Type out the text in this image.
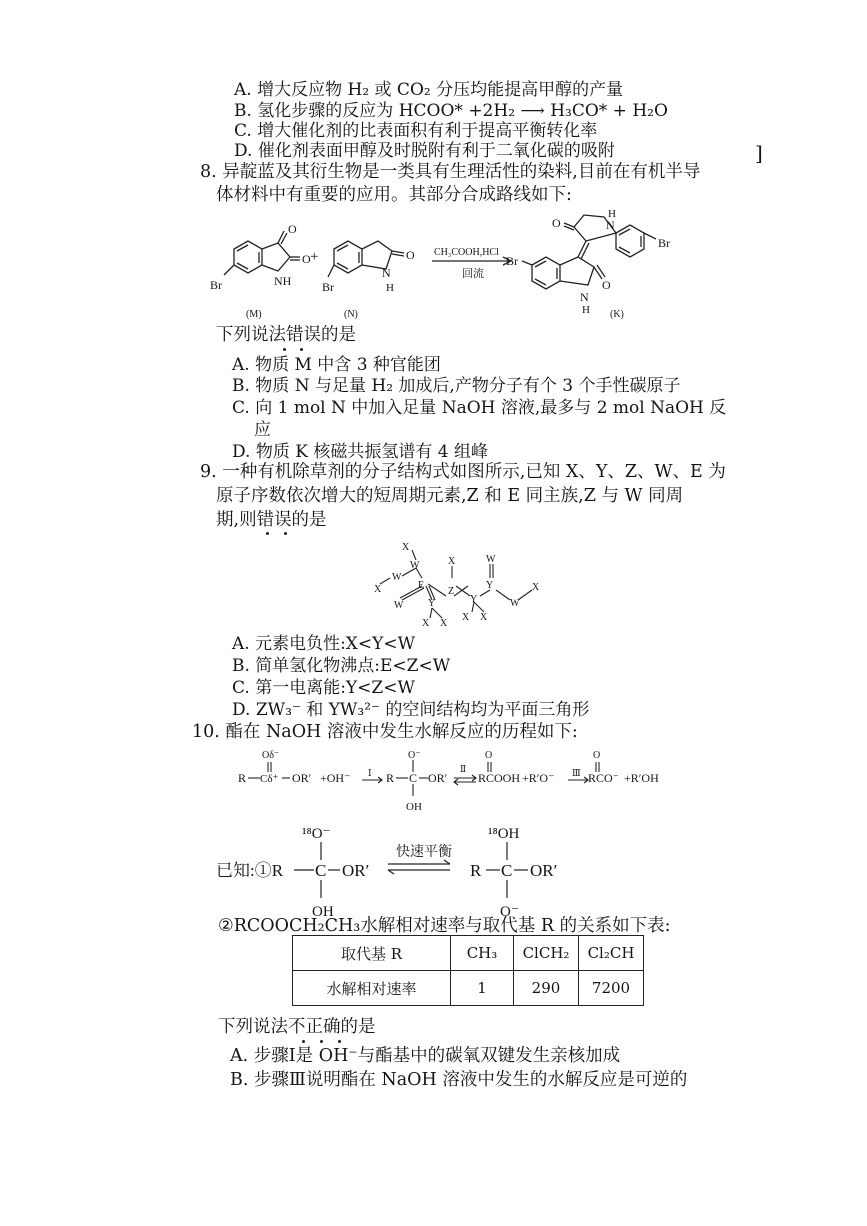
A. 增大反应物 H₂ 或 CO₂ 分压均能提高甲醇的产量
B. 氢化步骤的反应为 HCOO* +2H₂ ⟶ H₃CO* + H₂O
C. 增大催化剂的比表面积有利于提高平衡转化率
D. 催化剂表面甲醇及时脱附有利于二氧化碳的吸附	]
8. 异靛蓝及其衍生物是一类具有生理活性的染料,目前在有机半导
体材料中有重要的应用。其部分合成路线如下:
O
O
NH
Br
+	O
N
H
Br
CH₃COOH,HCl
回流
Br
O
N
H
O
H
N
Br
(M)	(N)	(K)
下列说法错误的是
A. 物质 M 中含 3 种官能团
B. 物质 N 与足量 H₂ 加成后,产物分子有个 3 个手性碳原子
C. 向 1 mol N 中加入足量 NaOH 溶液,最多与 2 mol NaOH 反
应
D. 物质 K 核磁共振氢谱有 4 组峰
9. 一种有机除草剂的分子结构式如图所示,已知 X、Y、Z、W、E 为
原子序数依次增大的短周期元素,Z 和 E 同主族,Z 与 W 同周
期,则错误的是
X
W
W
X	E
W Y
X X
X
Z
Y
X X
W
Y
W
X
A. 元素电负性:X<Y<W
B. 简单氢化物沸点:E<Z<W
C. 第一电离能:Y<Z<W
D. ZW₃⁻ 和 YW₃²⁻ 的空间结构均为平面三角形
10. 酯在 NaOH 溶液中发生水解反应的历程如下:
R
Oδ⁻
Cδ⁺ OR′ +OH⁻ Ⅰ R
O⁻
C OR′
OH
Ⅱ
O
RCOOH +R′O⁻ Ⅲ
O
RCO⁻ +R′OH
已知:①R
¹⁸O⁻
C OR′
OH
快速平衡
R
¹⁸OH
C OR′
O⁻
②RCOOCH₂CH₃水解相对速率与取代基 R 的关系如下表:
取代基 R	CH₃	ClCH₂	Cl₂CH
水解相对速率	1	290	7200
下列说法不正确的是
A. 步骤Ⅰ是 OH⁻与酯基中的碳氧双键发生亲核加成
B. 步骤Ⅲ说明酯在 NaOH 溶液中发生的水解反应是可逆的
